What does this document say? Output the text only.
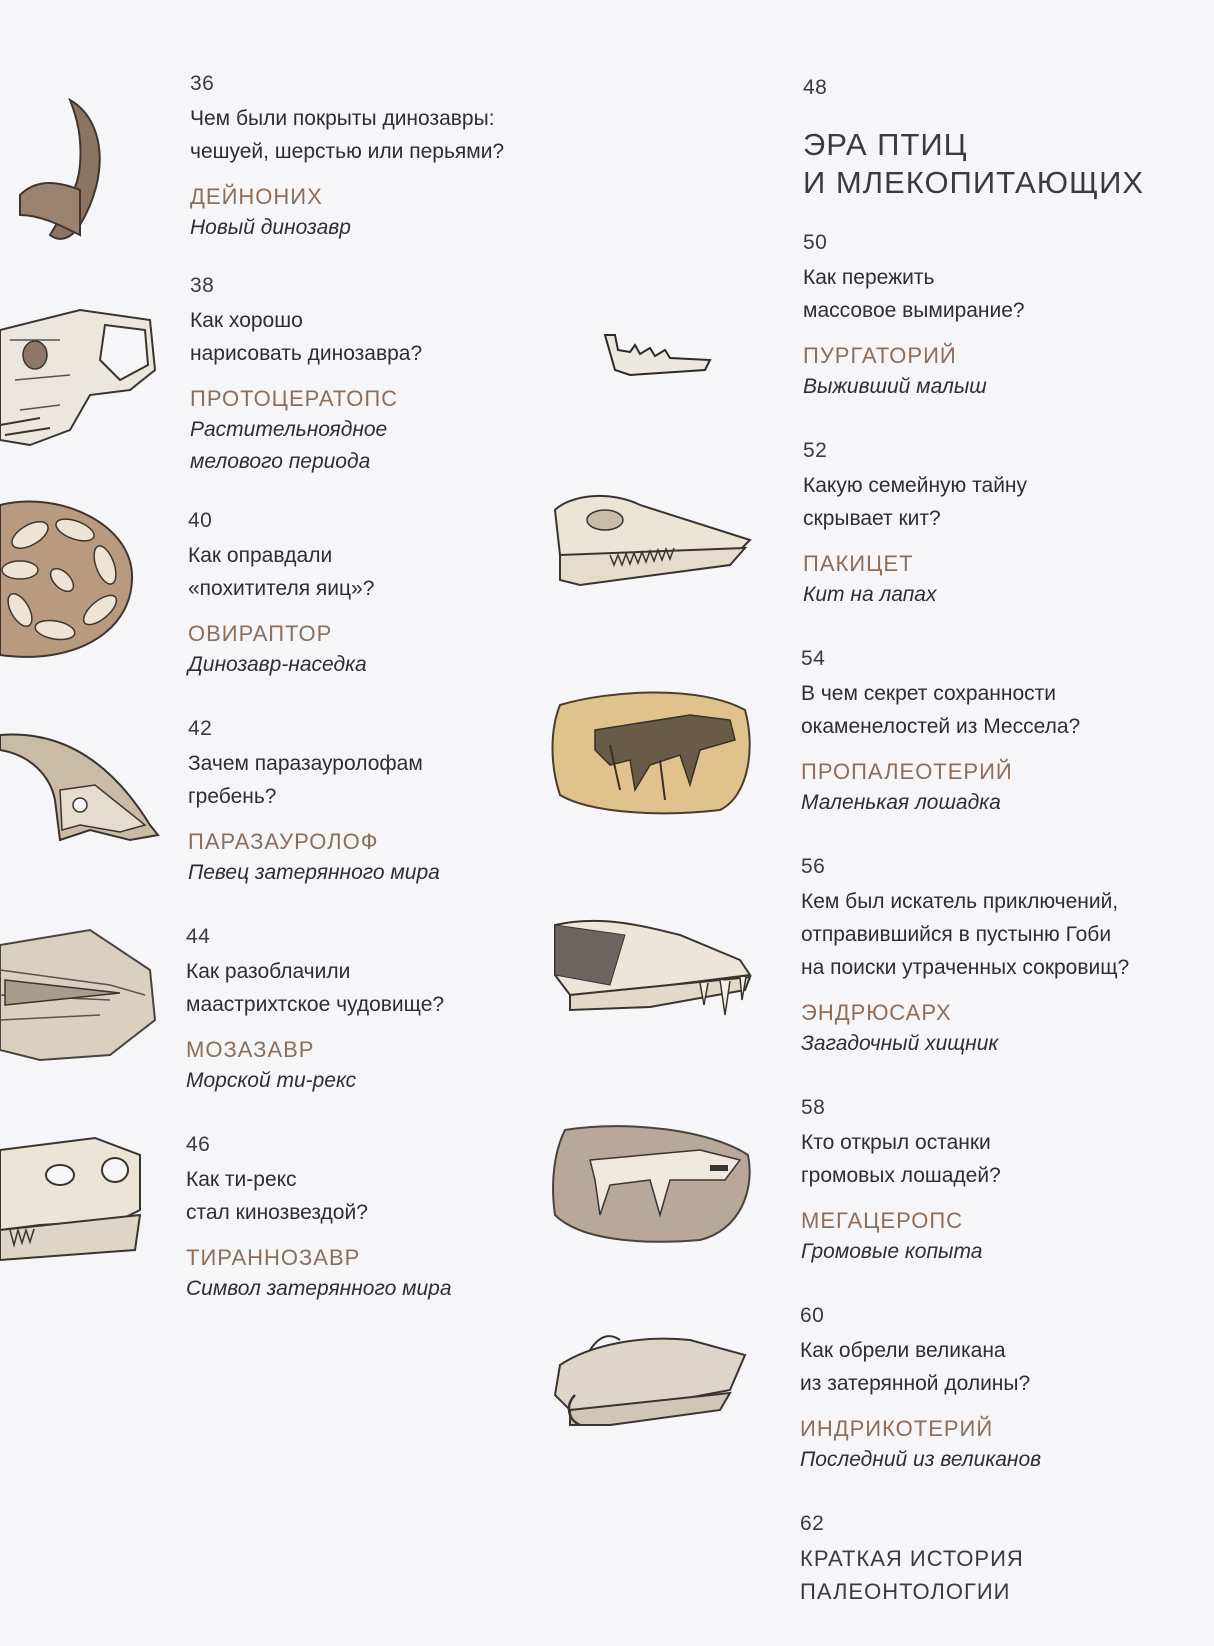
36
Чем были покрыты динозавры:
чешуей, шерстью или перьями?
ДЕЙНОНИХ
Новый динозавр
38
Как хорошо
нарисовать динозавра?
ПРОТОЦЕРАТОПС
Растительноядное
мелового периода
40
Как оправдали
«похитителя яиц»?
ОВИРАПТОР
Динозавр-наседка
42
Зачем паразауролофам
гребень?
ПАРАЗАУРОЛОФ
Певец затерянного мира
44
Как разоблачили
маастрихтское чудовище?
МОЗАЗАВР
Морской ти-рекс
46
Как ти-рекс
стал кинозвездой?
ТИРАННОЗАВР
Символ затерянного мира
48
ЭРА ПТИЦ
И МЛЕКОПИТАЮЩИХ
50
Как пережить
массовое вымирание?
ПУРГАТОРИЙ
Выживший малыш
52
Какую семейную тайну
скрывает кит?
ПАКИЦЕТ
Кит на лапах
54
В чем секрет сохранности
окаменелостей из Мессела?
ПРОПАЛЕОТЕРИЙ
Маленькая лошадка
56
Кем был искатель приключений,
отправившийся в пустыню Гоби
на поиски утраченных сокровищ?
ЭНДРЮСАРХ
Загадочный хищник
58
Кто открыл останки
громовых лошадей?
МЕГАЦЕРОПС
Громовые копыта
60
Как обрели великана
из затерянной долины?
ИНДРИКОТЕРИЙ
Последний из великанов
62
КРАТКАЯ ИСТОРИЯ
ПАЛЕОНТОЛОГИИ
